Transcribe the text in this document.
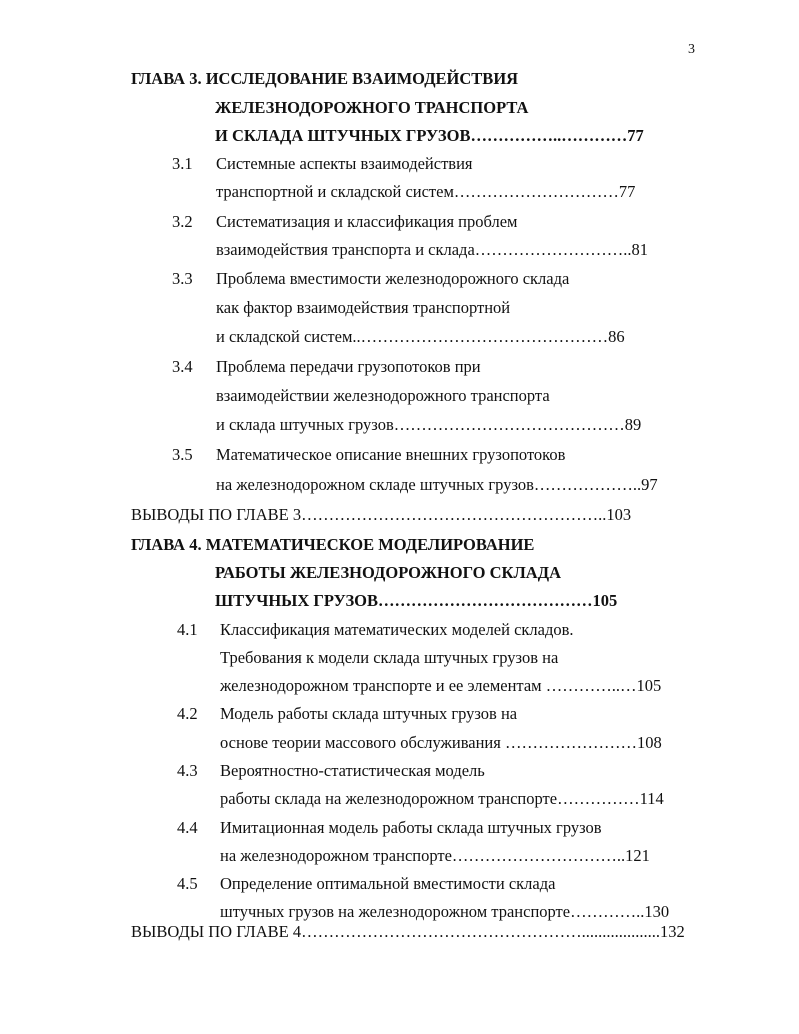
3
ГЛАВА 3. ИССЛЕДОВАНИЕ ВЗАИМОДЕЙСТВИЯ
ЖЕЛЕЗНОДОРОЖНОГО ТРАНСПОРТА
И СКЛАДА ШТУЧНЫХ ГРУЗОВ……………..…………77
3.1 Системные аспекты взаимодействия
транспортной и складской систем…………………………77
3.2 Систематизация и классификация проблем
взаимодействия транспорта и склада………………………..81
3.3 Проблема вместимости железнодорожного склада
как фактор взаимодействия транспортной
и складской систем..………………………………………86
3.4 Проблема передачи грузопотоков при
взаимодействии железнодорожного транспорта
и склада штучных грузов……………………………………89
3.5 Математическое описание внешних грузопотоков
на железнодорожном складе штучных грузов………………..97
ВЫВОДЫ ПО ГЛАВЕ 3………………………………………………..103
ГЛАВА 4. МАТЕМАТИЧЕСКОЕ МОДЕЛИРОВАНИЕ
РАБОТЫ ЖЕЛЕЗНОДОРОЖНОГО СКЛАДА
ШТУЧНЫХ ГРУЗОВ…………………………………105
4.1 Классификация математических моделей складов.
Требования к модели склада штучных грузов на
железнодорожном транспорте и ее элементам …………..…105
4.2 Модель работы склада штучных грузов на
основе теории массового обслуживания ……………………108
4.3 Вероятностно-статистическая модель
работы склада на железнодорожном транспорте……………114
4.4 Имитационная модель работы склада штучных грузов
на железнодорожном транспорте…………………………..121
4.5 Определение оптимальной вместимости склада
штучных грузов на железнодорожном транспорте…………..130
ВЫВОДЫ ПО ГЛАВЕ 4……………………………………………...................132
